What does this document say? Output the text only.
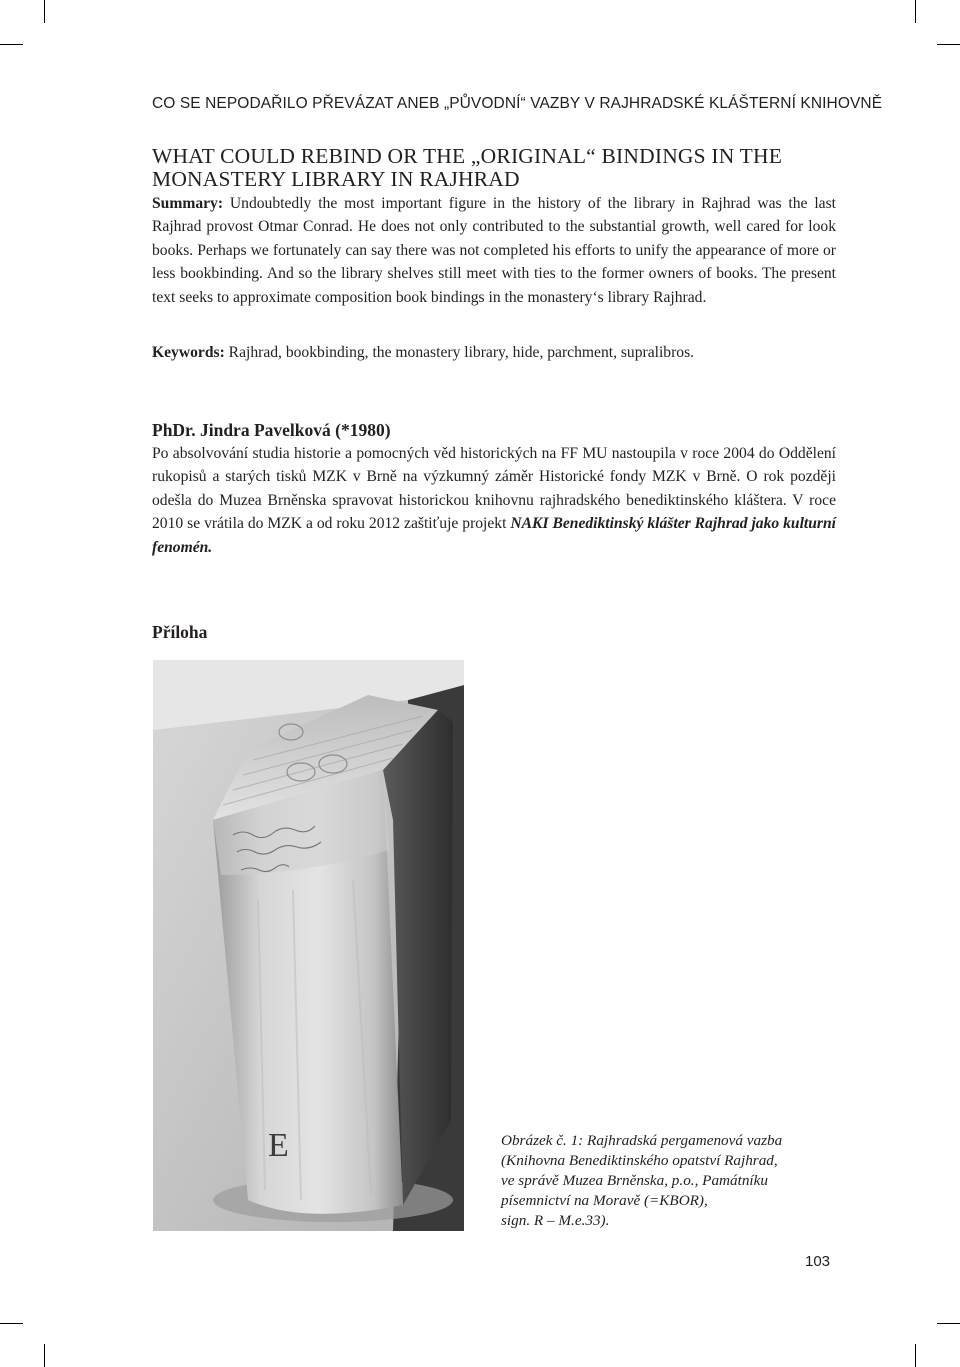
CO SE NEPODAŘILO PŘEVÁZAT ANEB „PŮVODNÍ“ VAZBY V RAJHRADSKÉ KLÁŠTERNÍ KNIHOVNĚ
WHAT COULD REBIND OR THE „ORIGINAL“ BINDINGS IN THE
MONASTERY LIBRARY IN RAJHRAD

Summary: Undoubtedly the most important figure in the history of the library in Rajhrad was the last Rajhrad provost Otmar Conrad. He does not only contributed to the substantial growth, well cared for look books. Perhaps we fortunately can say there was not completed his efforts to unify the appearance of more or less bookbinding. And so the library shelves still meet with ties to the former owners of books. The present text seeks to approximate composition book bindings in the monastery‘s library Rajhrad.

Keywords: Rajhrad, bookbinding, the monastery library, hide, parchment, supralibros.

PhDr. Jindra Pavelková (*1980)

Po absolvování studia historie a pomocných věd historických na FF MU nastoupila v roce 2004 do Oddělení rukopisů a starých tisků MZK v Brně na výzkumný záměr Historické fondy MZK v Brně. O rok později odešla do Muzea Brněnska spravovat historickou knihovnu rajhradského benediktinského kláštera. V roce 2010 se vrátila do MZK a od roku 2012 zaštiťuje projekt NAKI Benediktinský klášter Rajhrad jako kulturní fenomén.

Příloha
E	Obrázek č. 1: Rajhradská pergamenová vazba
(Knihovna Benediktinského opatství Rajhrad,
ve správě Muzea Brněnska, p.o., Památníku
písemnictví na Moravě (=KBOR),
sign. R – M.e.33).

103
